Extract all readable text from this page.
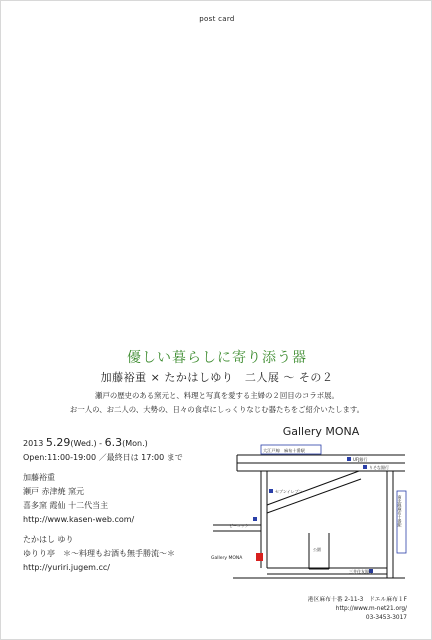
post card
優しい暮らしに寄り添う器
加藤裕重 × たかはしゆり　二人展 〜 その２
瀬戸の歴史のある窯元と、料理と写真を愛する主婦の２回目のコラボ展。
お一人の、お二人の、大勢の、日々の食卓にしっくりなじむ器たちをご紹介いたします。
2013 5.29(Wed.) - 6.3(Mon.)
Open:11:00-19:00 ／最終日は 17:00 まで
加藤裕重
瀬戸 赤津焼 窯元
喜多窯 霞仙 十二代当主
http://www.kasen-web.com/
たかはし ゆり
ゆりり亭　＊〜料理もお酒も無手勝流〜＊
http://yuriri.jugem.cc/
Gallery MONA
大江戸線　麻布十番駅
南北線麻布十番駅
UFJ銀行
りそな銀行
セブンイレブン
ピーコック
公園
Gallery MONA
三井住友銀行
港区麻布十番 2-11-3　ドエル麻布１F
http://www.m-net21.org/
03-3453-3017
